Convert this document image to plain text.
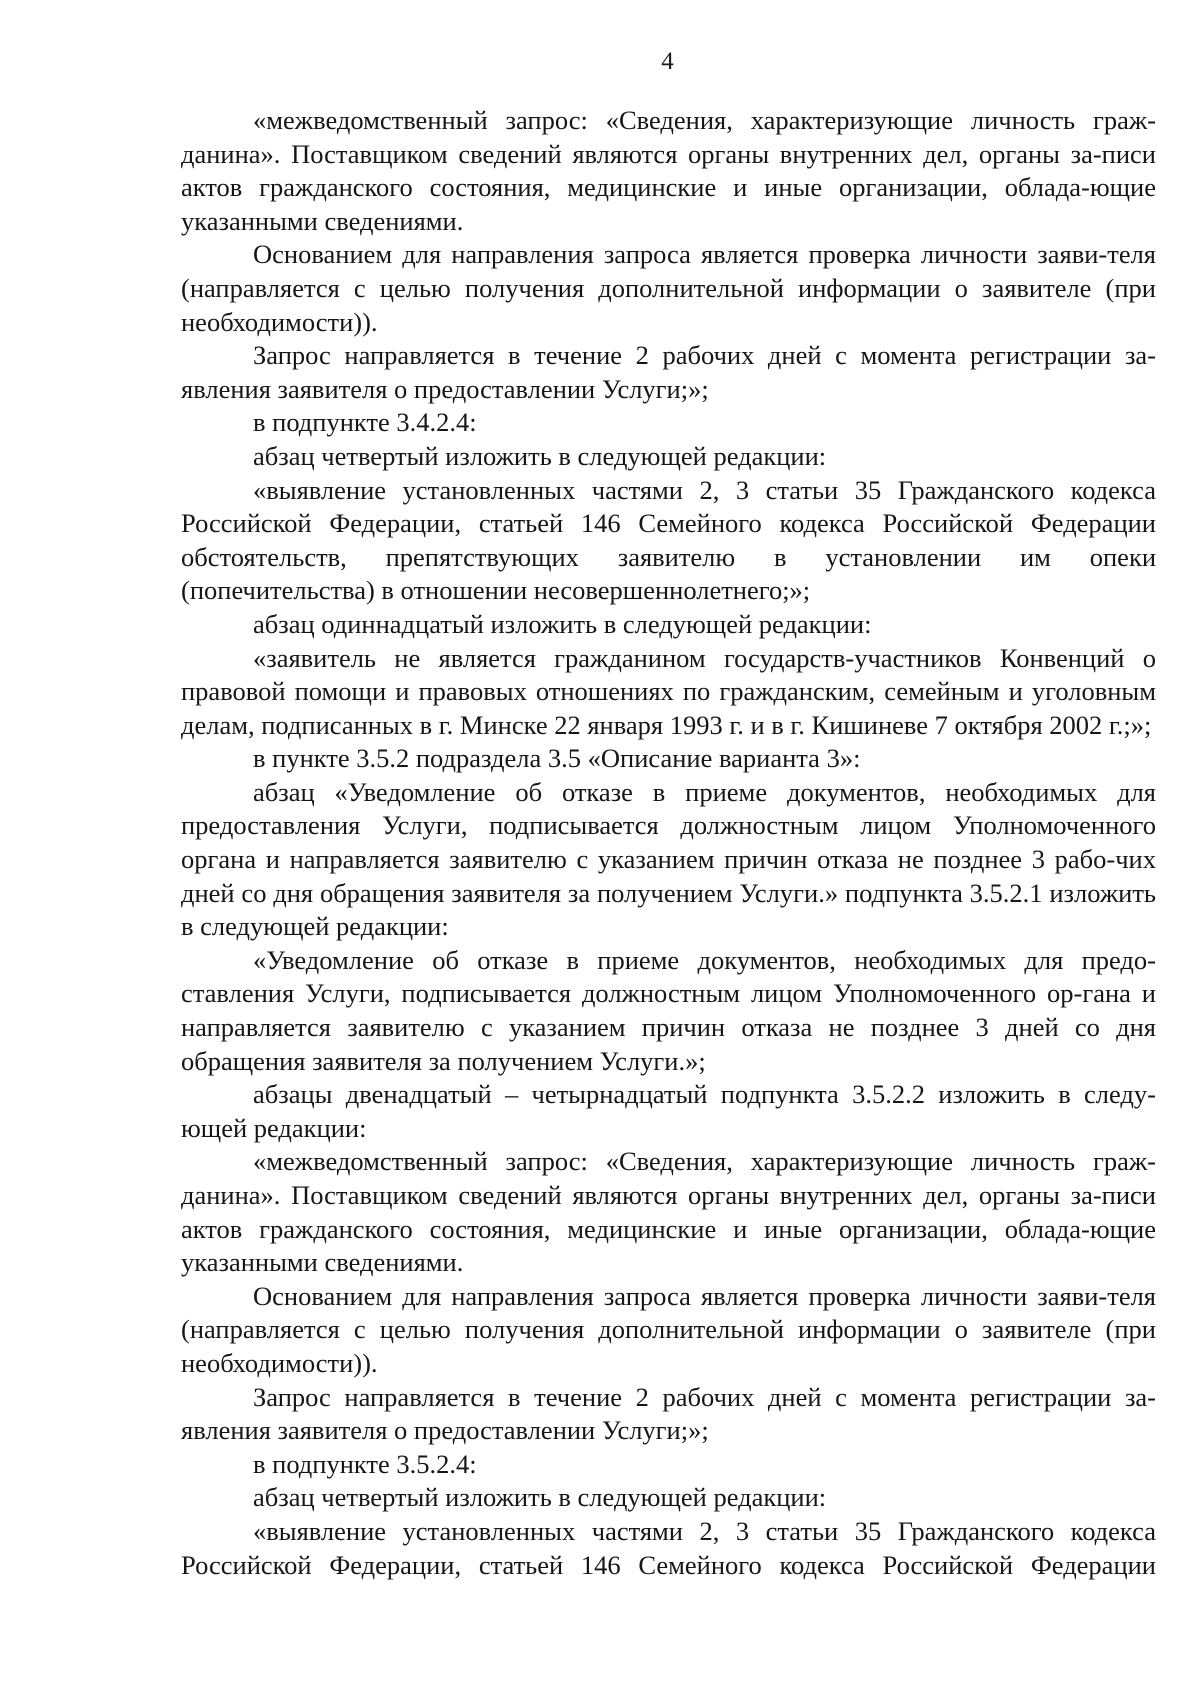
4

«межведомственный запрос: «Сведения, характеризующие личность граж-данина». Поставщиком сведений являются органы внутренних дел, органы за-писи актов гражданского состояния, медицинские и иные организации, облада-ющие указанными сведениями.

Основанием для направления запроса является проверка личности заяви-теля (направляется с целью получения дополнительной информации о заявителе (при необходимости)).

Запрос направляется в течение 2 рабочих дней с момента регистрации за-явления заявителя о предоставлении Услуги;»;

в подпункте 3.4.2.4:

абзац четвертый изложить в следующей редакции:

«выявление установленных частями 2, 3 статьи 35 Гражданского кодекса Российской Федерации, статьей 146 Семейного кодекса Российской Федерации обстоятельств, препятствующих заявителю в установлении им опеки (попечительства) в отношении несовершеннолетнего;»;

абзац одиннадцатый изложить в следующей редакции:

«заявитель не является гражданином государств-участников Конвенций о правовой помощи и правовых отношениях по гражданским, семейным и уголовным делам, подписанных в г. Минске 22 января 1993 г. и в г. Кишиневе 7 октября 2002 г.;»;

в пункте 3.5.2 подраздела 3.5 «Описание варианта 3»:

абзац «Уведомление об отказе в приеме документов, необходимых для предоставления Услуги, подписывается должностным лицом Уполномоченного органа и направляется заявителю с указанием причин отказа не позднее 3 рабо-чих дней со дня обращения заявителя за получением Услуги.» подпункта 3.5.2.1 изложить в следующей редакции:

«Уведомление об отказе в приеме документов, необходимых для предо-ставления Услуги, подписывается должностным лицом Уполномоченного ор-гана и направляется заявителю с указанием причин отказа не позднее 3 дней со дня обращения заявителя за получением Услуги.»;

абзацы двенадцатый – четырнадцатый подпункта 3.5.2.2 изложить в следу-ющей редакции:

«межведомственный запрос: «Сведения, характеризующие личность граж-данина». Поставщиком сведений являются органы внутренних дел, органы за-писи актов гражданского состояния, медицинские и иные организации, облада-ющие указанными сведениями.

Основанием для направления запроса является проверка личности заяви-теля (направляется с целью получения дополнительной информации о заявителе (при необходимости)).

Запрос направляется в течение 2 рабочих дней с момента регистрации за-явления заявителя о предоставлении Услуги;»;

в подпункте 3.5.2.4:

абзац четвертый изложить в следующей редакции:

«выявление установленных частями 2, 3 статьи 35 Гражданского кодекса Российской Федерации, статьей 146 Семейного кодекса Российской Федерации
